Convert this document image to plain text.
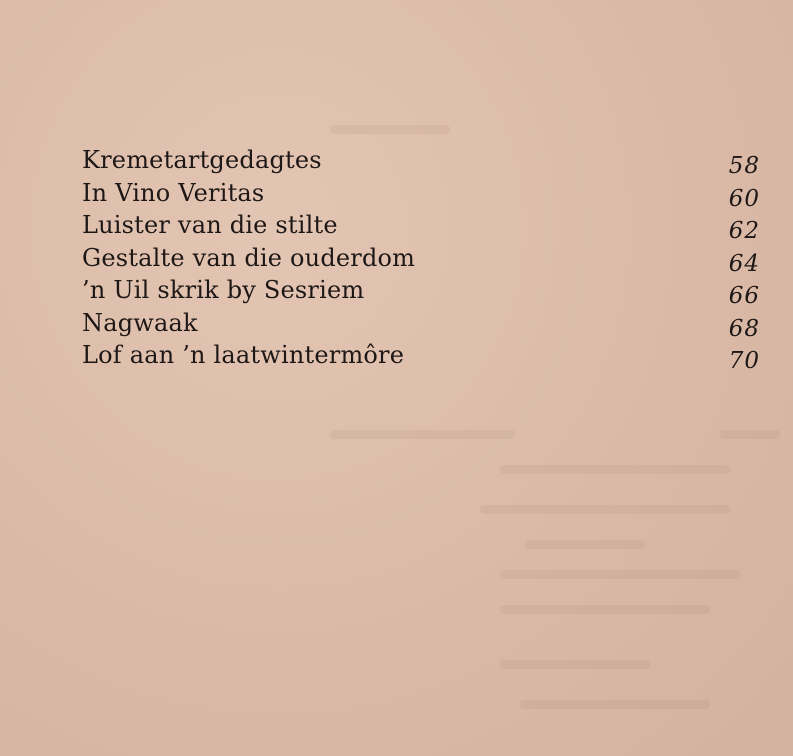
Kremetartgedagtes	58
In Vino Veritas	60
Luister van die stilte	62
Gestalte van die ouderdom	64
’n Uil skrik by Sesriem	66
Nagwaak	68
Lof aan ’n laatwintermôre	70
